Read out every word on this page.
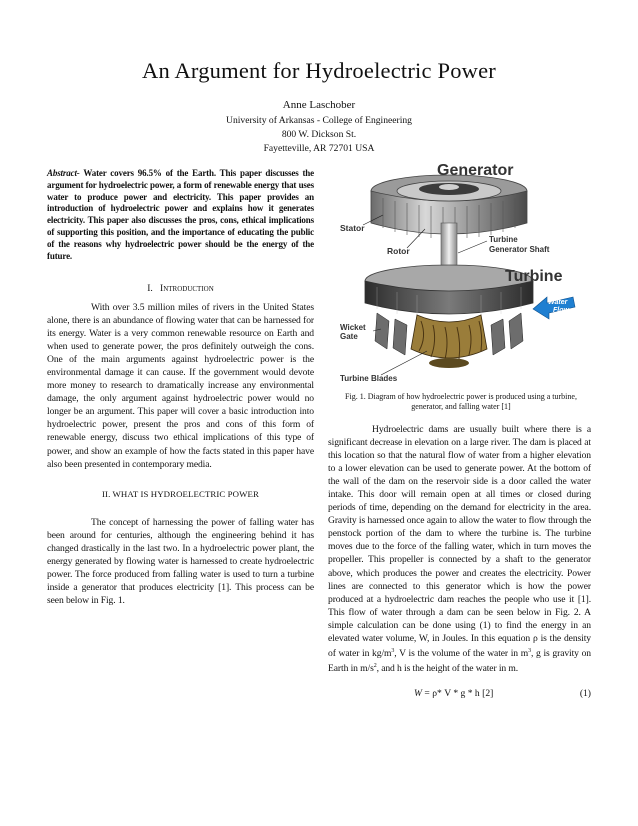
An Argument for Hydroelectric Power
Anne Laschober
University of Arkansas - College of Engineering
800 W. Dickson St.
Fayetteville, AR 72701 USA
Abstract- Water covers 96.5% of the Earth. This paper discusses the argument for hydroelectric power, a form of renewable energy that uses water to produce power and electricity. This paper provides an introduction of hydroelectric power and explains how it generates electricity. This paper also discusses the pros, cons, ethical implications of supporting this position, and the importance of educating the public of the reasons why hydroelectric power should be the energy of the future.
I. Introduction
With over 3.5 million miles of rivers in the United States alone, there is an abundance of flowing water that can be harnessed for its energy. Water is a very common renewable resource on Earth and when used to generate power, the pros definitely outweigh the cons. One of the main arguments against hydroelectric power is the environmental damage it can cause. If the government would devote more money to research to dramatically increase any environmental damage, the only argument against hydroelectric power would no longer be an argument. This paper will cover a basic introduction into hydroelectric power, present the pros and cons of this form of renewable energy, discuss two ethical implications of this type of power, and show an example of how the facts stated in this paper have also been presented in contemporary media.
II. WHAT IS HYDROELECTRIC POWER
The concept of harnessing the power of falling water has been around for centuries, although the engineering behind it has changed drastically in the last two. In a hydroelectric power plant, the energy generated by flowing water is harnessed to create hydroelectric power. The force produced from falling water is used to turn a turbine inside a generator that produces electricity [1]. This process can be seen below in Fig. 1.
Generator
Stator
Rotor
Turbine
Generator Shaft
Turbine
Wicket
Gate
Water
Flow
Turbine Blades
Fig. 1. Diagram of how hydroelectric power is produced using a turbine, generator, and falling water [1]
Hydroelectric dams are usually built where there is a significant decrease in elevation on a large river. The dam is placed at this location so that the natural flow of water from a higher elevation to a lower elevation can be used to generate power. At the bottom of the wall of the dam on the reservoir side is a door called the water intake. This door will remain open at all times or closed during periods of time, depending on the demand for electricity in the area. Gravity is harnessed once again to allow the water to flow through the penstock portion of the dam to where the turbine is. The turbine moves due to the force of the falling water, which in turn moves the propeller. This propeller is connected by a shaft to the generator above, which produces the power and creates the electricity. Power lines are connected to this generator which is how the power produced at a hydroelectric dam reaches the people who use it [1]. This flow of water through a dam can be seen below in Fig. 2. A simple calculation can be done using (1) to find the energy in an elevated water volume, W, in Joules. In this equation ρ is the density of water in $kg/m^3$, V is the volume of the water in $m^3$, g is gravity on Earth in $m/s^2$, and h is the height of the water in m.
W = ρ* V * g * h [2]	(1)
